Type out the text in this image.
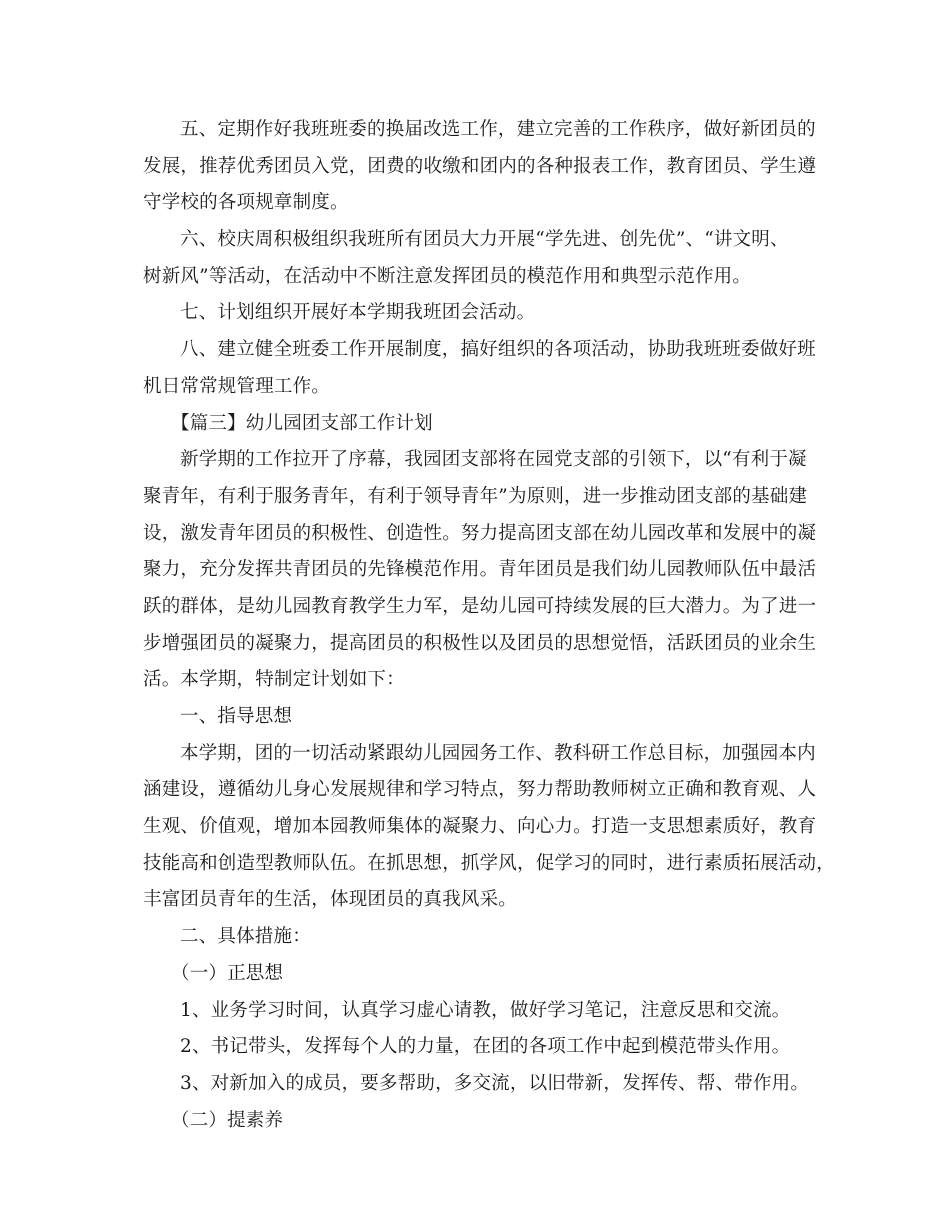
五、定期作好我班班委的换届改选工作，建立完善的工作秩序，做好新团员的
发展，推荐优秀团员入党，团费的收缴和团内的各种报表工作，教育团员、学生遵
守学校的各项规章制度。
六、校庆周积极组织我班所有团员大力开展“学先进、创先优”、“讲文明、
树新风”等活动，在活动中不断注意发挥团员的模范作用和典型示范作用。
七、计划组织开展好本学期我班团会活动。
八、建立健全班委工作开展制度，搞好组织的各项活动，协助我班班委做好班
机日常常规管理工作。
【篇三】幼儿园团支部工作计划
新学期的工作拉开了序幕，我园团支部将在园党支部的引领下，以“有利于凝
聚青年，有利于服务青年，有利于领导青年”为原则，进一步推动团支部的基础建
设，激发青年团员的积极性、创造性。努力提高团支部在幼儿园改革和发展中的凝
聚力，充分发挥共青团员的先锋模范作用。青年团员是我们幼儿园教师队伍中最活
跃的群体，是幼儿园教育教学生力军，是幼儿园可持续发展的巨大潜力。为了进一
步增强团员的凝聚力，提高团员的积极性以及团员的思想觉悟，活跃团员的业余生
活。本学期，特制定计划如下：
一、指导思想
本学期，团的一切活动紧跟幼儿园园务工作、教科研工作总目标，加强园本内
涵建设，遵循幼儿身心发展规律和学习特点，努力帮助教师树立正确和教育观、人
生观、价值观，增加本园教师集体的凝聚力、向心力。打造一支思想素质好，教育
技能高和创造型教师队伍。在抓思想，抓学风，促学习的同时，进行素质拓展活动，
丰富团员青年的生活，体现团员的真我风采。
二、具体措施：
（一）正思想
1、业务学习时间，认真学习虚心请教，做好学习笔记，注意反思和交流。
2、书记带头，发挥每个人的力量，在团的各项工作中起到模范带头作用。
3、对新加入的成员，要多帮助，多交流，以旧带新，发挥传、帮、带作用。
（二）提素养
